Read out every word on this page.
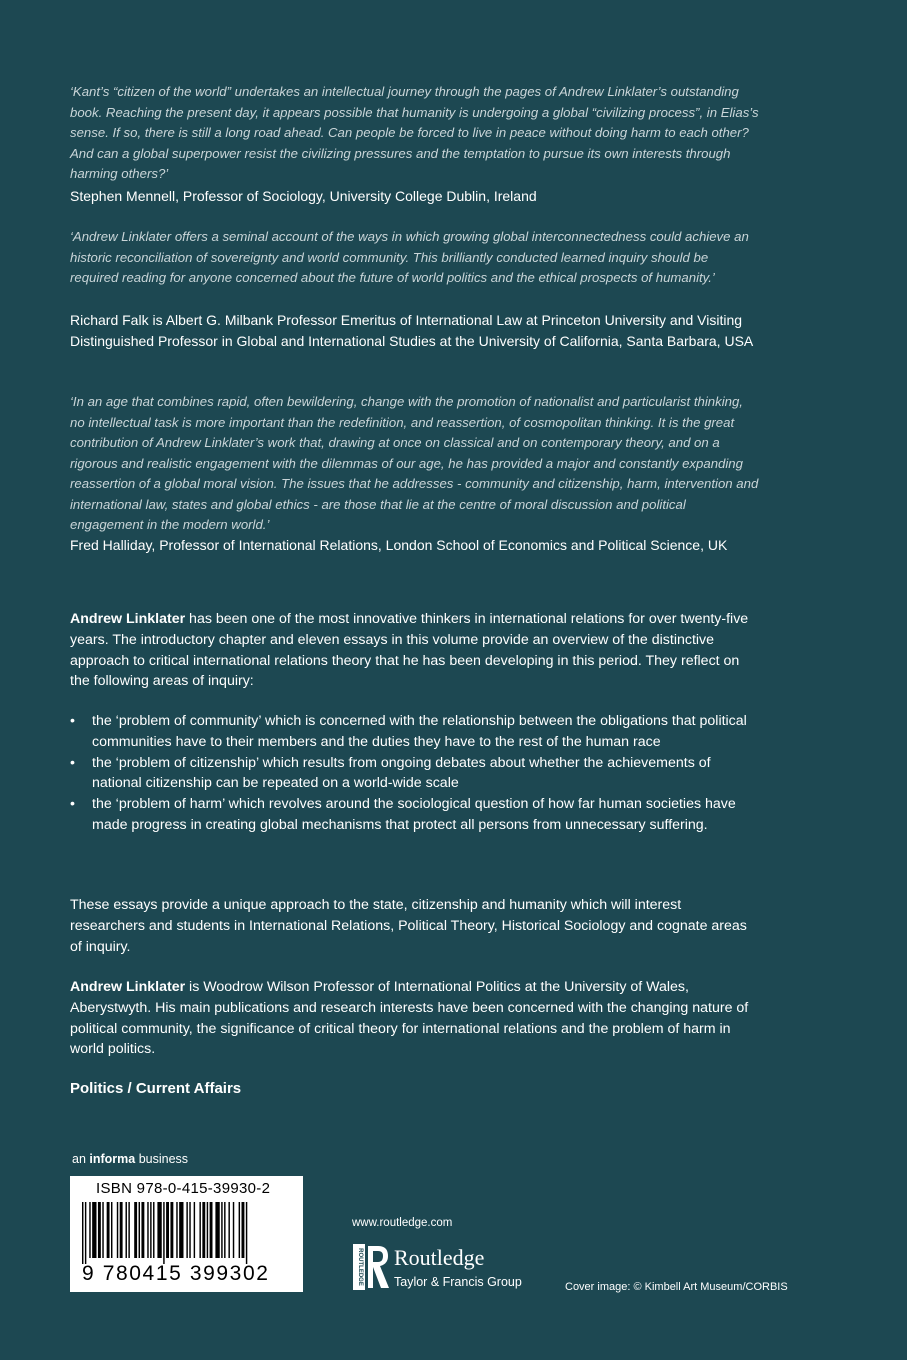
‘Kant’s “citizen of the world” undertakes an intellectual journey through the pages of Andrew Linklater’s outstanding book. Reaching the present day, it appears possible that humanity is undergoing a global “civilizing process”, in Elias’s sense. If so, there is still a long road ahead. Can people be forced to live in peace without doing harm to each other? And can a global superpower resist the civilizing pressures and the temptation to pursue its own interests through harming others?’
Stephen Mennell, Professor of Sociology, University College Dublin, Ireland
‘Andrew Linklater offers a seminal account of the ways in which growing global interconnectedness could achieve an historic reconciliation of sovereignty and world community. This brilliantly conducted learned inquiry should be required reading for anyone concerned about the future of world politics and the ethical prospects of humanity.’
Richard Falk is Albert G. Milbank Professor Emeritus of International Law at Princeton University and Visiting Distinguished Professor in Global and International Studies at the University of California, Santa Barbara, USA
‘In an age that combines rapid, often bewildering, change with the promotion of nationalist and particularist thinking, no intellectual task is more important than the redefinition, and reassertion, of cosmopolitan thinking. It is the great contribution of Andrew Linklater’s work that, drawing at once on classical and on contemporary theory, and on a rigorous and realistic engagement with the dilemmas of our age, he has provided a major and constantly expanding reassertion of a global moral vision. The issues that he addresses - community and citizenship, harm, intervention and international law, states and global ethics - are those that lie at the centre of moral discussion and political engagement in the modern world.’
Fred Halliday, Professor of International Relations, London School of Economics and Political Science, UK
Andrew Linklater has been one of the most innovative thinkers in international relations for over twenty-five years. The introductory chapter and eleven essays in this volume provide an overview of the distinctive approach to critical international relations theory that he has been developing in this period. They reflect on the following areas of inquiry:
• the ‘problem of community’ which is concerned with the relationship between the obligations that political communities have to their members and the duties they have to the rest of the human race
• the ‘problem of citizenship’ which results from ongoing debates about whether the achievements of national citizenship can be repeated on a world-wide scale
• the ‘problem of harm’ which revolves around the sociological question of how far human societies have made progress in creating global mechanisms that protect all persons from unnecessary suffering.
These essays provide a unique approach to the state, citizenship and humanity which will interest researchers and students in International Relations, Political Theory, Historical Sociology and cognate areas of inquiry.
Andrew Linklater is Woodrow Wilson Professor of International Politics at the University of Wales, Aberystwyth. His main publications and research interests have been concerned with the changing nature of political community, the significance of critical theory for international relations and the problem of harm in world politics.
Politics / Current Affairs
an informa business
ISBN 978-0-415-39930-2
9 780415 399302
www.routledge.com
ROUTLEDGE Routledge
Taylor & Francis Group	Cover image: © Kimbell Art Museum/CORBIS
